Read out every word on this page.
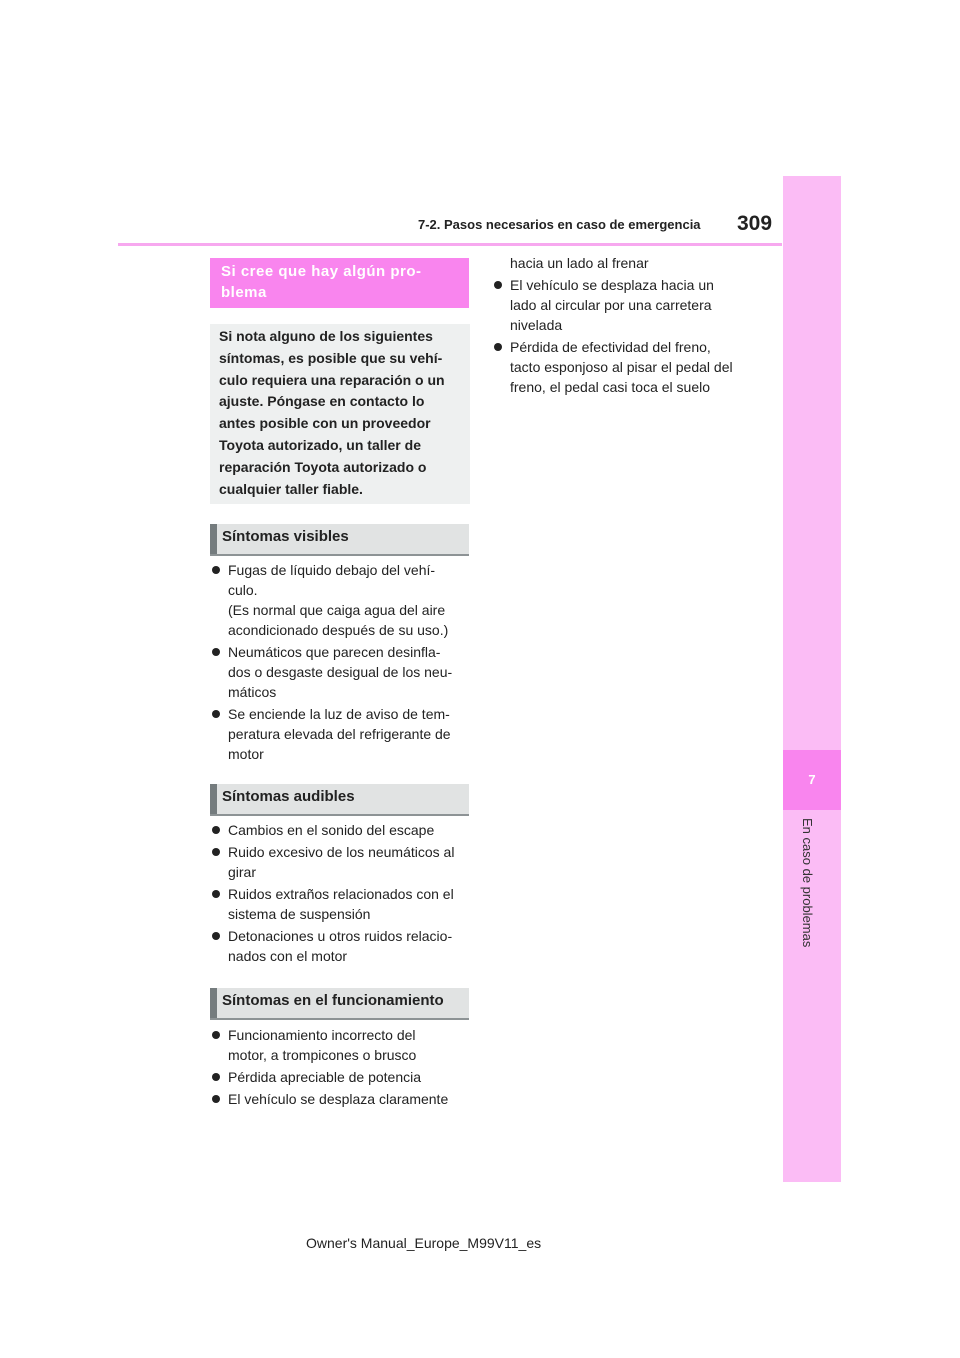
7
En caso de problemas
7-2. Pasos necesarios en caso de emergencia 309
Si cree que hay algún pro-blema

Si nota alguno de los siguientes síntomas, es posible que su vehí-culo requiera una reparación o un ajuste. Póngase en contacto lo antes posible con un proveedor Toyota autorizado, un taller de reparación Toyota autorizado o cualquier taller fiable.

Síntomas visibles
Fugas de líquido debajo del vehí-
culo.
(Es normal que caiga agua del aire
acondicionado después de su uso.)
Neumáticos que parecen desinfla-
dos o desgaste desigual de los neu-
máticos
Se enciende la luz de aviso de tem-
peratura elevada del refrigerante de
motor
Síntomas audibles
Cambios en el sonido del escape
Ruido excesivo de los neumáticos al
girar
Ruidos extraños relacionados con el
sistema de suspensión
Detonaciones u otros ruidos relacio-
nados con el motor
Síntomas en el funcionamiento
Funcionamiento incorrecto del
motor, a trompicones o brusco
Pérdida apreciable de potencia
El vehículo se desplaza claramente
hacia un lado al frenar
El vehículo se desplaza hacia un
lado al circular por una carretera
nivelada
Pérdida de efectividad del freno,
tacto esponjoso al pisar el pedal del
freno, el pedal casi toca el suelo
Owner's Manual_Europe_M99V11_es
